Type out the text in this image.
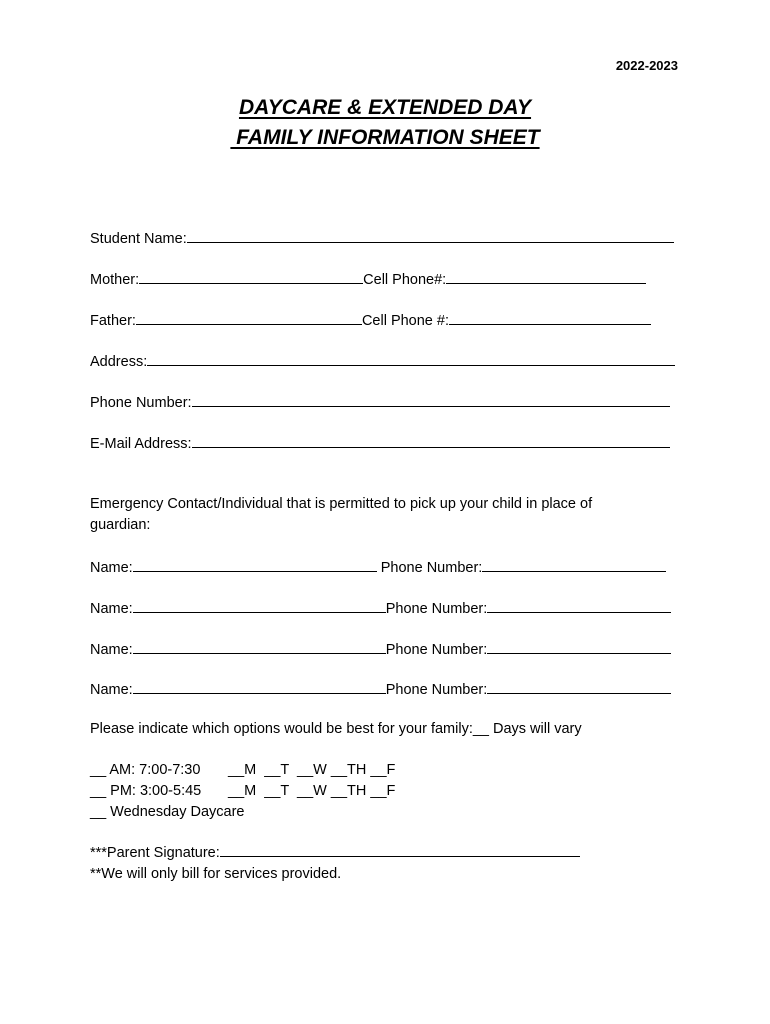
2022-2023
DAYCARE & EXTENDED DAY
FAMILY INFORMATION SHEET
Student Name:
Mother:	Cell Phone#:
Father:	Cell Phone #:
Address:
Phone Number:
E-Mail Address:
Emergency Contact/Individual that is permitted to pick up your child in place of guardian:
Name:	Phone Number:
Name:	Phone Number:
Name:	Phone Number:
Name:	Phone Number:
Please indicate which options would be best for your family:__ Days will vary
__ AM: 7:00-7:30	__M  __T  __W __TH __F
__ PM: 3:00-5:45	__M  __T  __W __TH __F
__ Wednesday Daycare
***Parent Signature:
**We will only bill for services provided.
